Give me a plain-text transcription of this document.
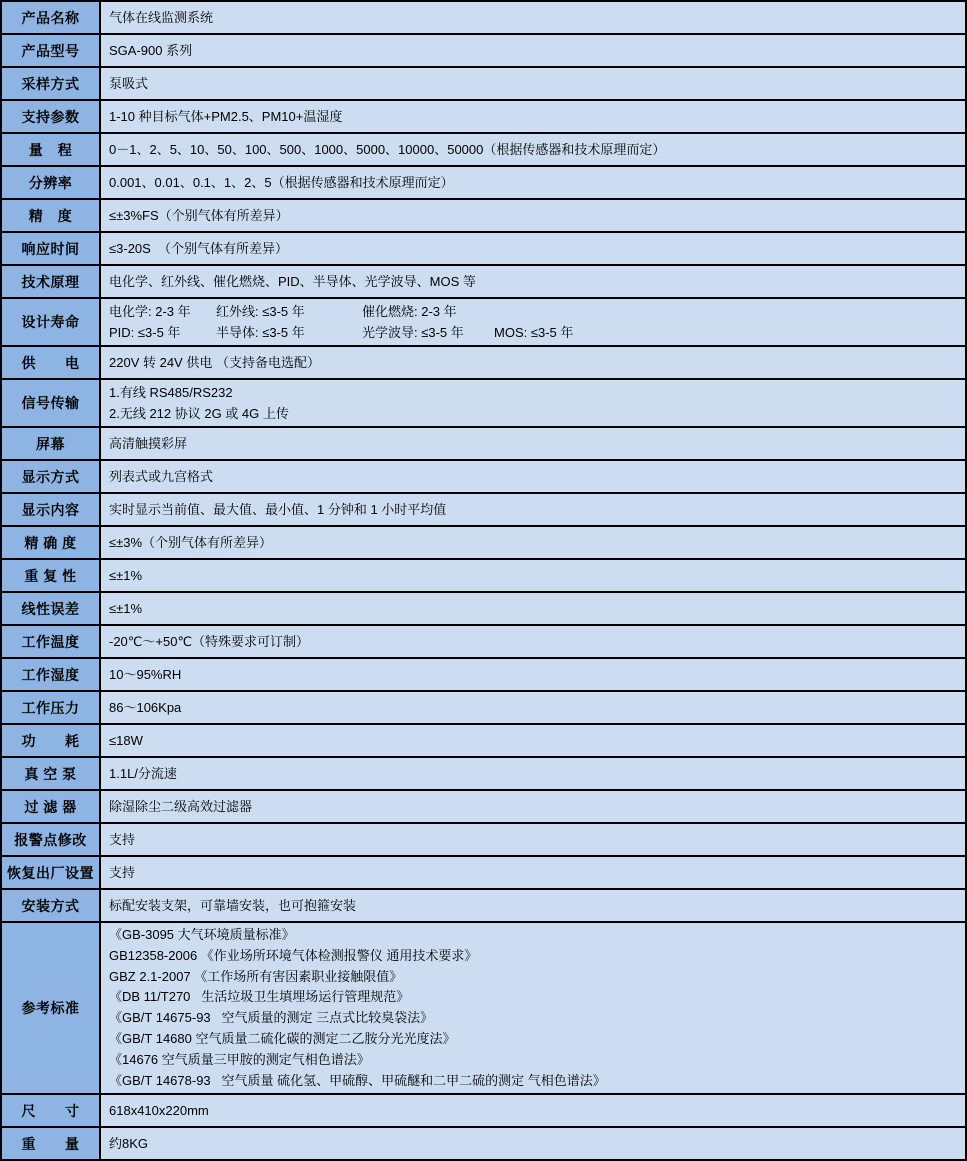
产品名称	气体在线监测系统

产品型号	SGA-900 系列

采样方式	泵吸式

支持参数	1-10 种目标气体+PM2.5、PM10+温湿度

量　程	0－1、2、5、10、50、100、500、1000、5000、10000、50000（根据传感器和技术原理而定）

分辨率	0.001、0.01、0.1、1、2、5（根据传感器和技术原理而定）

精　度	≤±3%FS（个别气体有所差异）

响应时间	≤3-20S  （个别气体有所差异）

技术原理	电化学、红外线、催化燃烧、PID、半导体、光学波导、MOS 等

设计寿命	电化学: 2-3 年 红外线: ≤3-5 年 催化燃烧: 2-3 年
PID: ≤3-5 年 半导体: ≤3-5 年 光学波导: ≤3-5 年 MOS: ≤3-5 年

供　　电	220V 转 24V 供电 （支持备电选配）

信号传输	1.有线 RS485/RS232
2.无线 212 协议 2G 或 4G 上传

屏幕	高清触摸彩屏

显示方式	列表式或九宫格式

显示内容	实时显示当前值、最大值、最小值、1 分钟和 1 小时平均值

精 确 度	≤±3%（个别气体有所差异）

重 复 性	≤±1%

线性误差	≤±1%

工作温度	-20℃～+50℃（特殊要求可订制）

工作湿度	10～95%RH

工作压力	86～106Kpa

功　　耗	≤18W

真 空 泵	1.1L/分流速

过 滤 器	除湿除尘二级高效过滤器

报警点修改	支持

恢复出厂设置	支持

安装方式	标配安装支架，可靠墙安装，也可抱箍安装

参考标准	
《GB-3095 大气环境质量标准》
GB12358-2006 《作业场所环境气体检测报警仪 通用技术要求》
GBZ 2.1-2007 《工作场所有害因素职业接触限值》
《DB 11/T270   生活垃圾卫生填埋场运行管理规范》
《GB/T 14675-93   空气质量的测定 三点式比较臭袋法》
《GB/T 14680 空气质量二硫化碳的测定二乙胺分光光度法》
《14676 空气质量三甲胺的测定气相色谱法》
《GB/T 14678-93   空气质量 硫化氢、甲硫醇、甲硫醚和二甲二硫的测定 气相色谱法》

尺　　寸	618x410x220mm

重　　量	约8KG
